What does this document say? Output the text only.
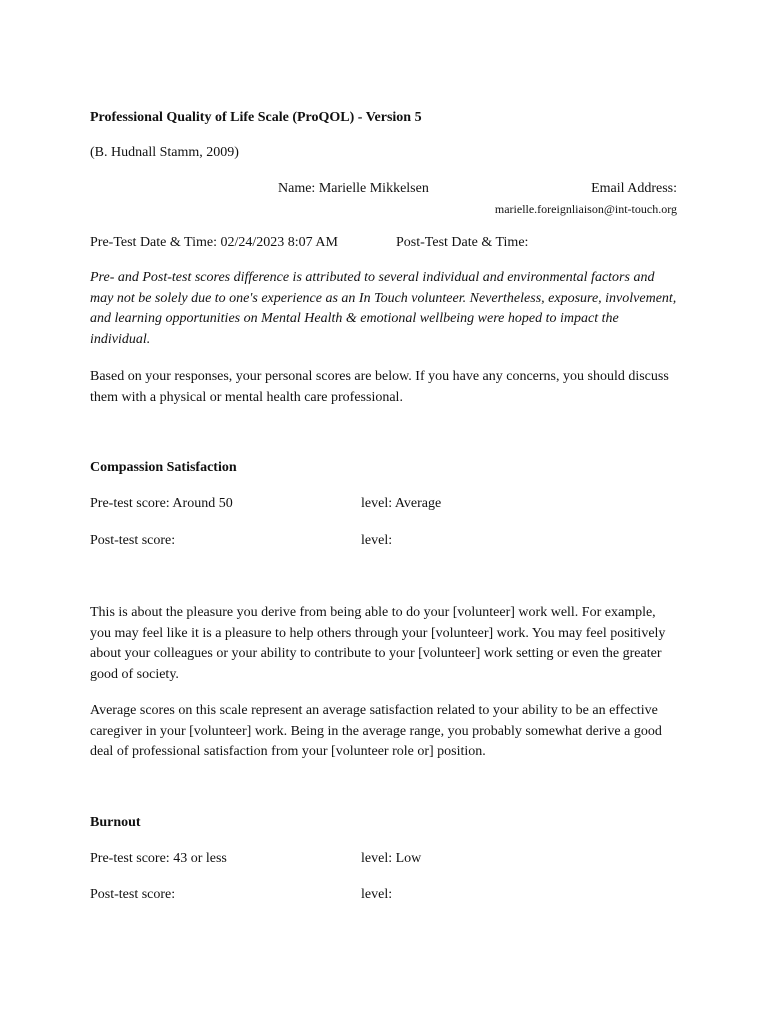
Professional Quality of Life Scale (ProQOL) - Version 5
(B. Hudnall Stamm, 2009)
Name: Marielle Mikkelsen	Email Address:
marielle.foreignliaison@int-touch.org
Pre-Test Date & Time: 02/24/2023 8:07 AM	Post-Test Date & Time:
Pre- and Post-test scores difference is attributed to several individual and environmental factors and may not be solely due to one's experience as an In Touch volunteer. Nevertheless, exposure, involvement, and learning opportunities on Mental Health & emotional wellbeing were hoped to impact the individual.
Based on your responses, your personal scores are below. If you have any concerns, you should discuss them with a physical or mental health care professional.
Compassion Satisfaction
Pre-test score: Around 50	level: Average
Post-test score:	level:
This is about the pleasure you derive from being able to do your [volunteer] work well. For example, you may feel like it is a pleasure to help others through your [volunteer] work. You may feel positively about your colleagues or your ability to contribute to your [volunteer] work setting or even the greater good of society.
Average scores on this scale represent an average satisfaction related to your ability to be an effective caregiver in your [volunteer] work. Being in the average range, you probably somewhat derive a good deal of professional satisfaction from your [volunteer role or] position.
Burnout
Pre-test score: 43 or less	level: Low
Post-test score:	level:
